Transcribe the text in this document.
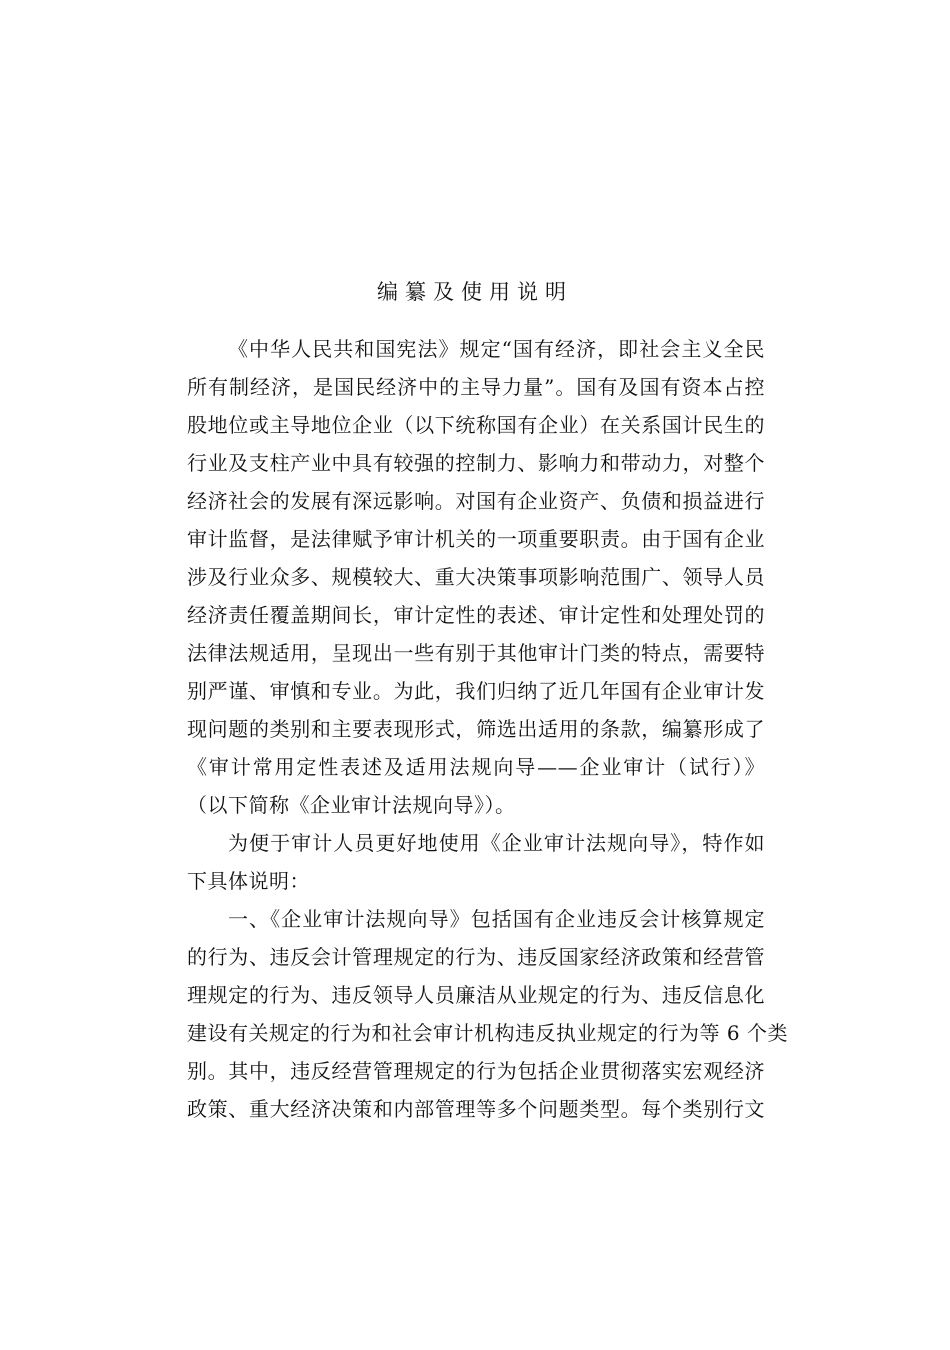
编纂及使用说明
《中华人民共和国宪法》规定“国有经济，即社会主义全民
所有制经济，是国民经济中的主导力量”。国有及国有资本占控
股地位或主导地位企业（以下统称国有企业）在关系国计民生的
行业及支柱产业中具有较强的控制力、影响力和带动力，对整个
经济社会的发展有深远影响。对国有企业资产、负债和损益进行
审计监督，是法律赋予审计机关的一项重要职责。由于国有企业
涉及行业众多、规模较大、重大决策事项影响范围广、领导人员
经济责任覆盖期间长，审计定性的表述、审计定性和处理处罚的
法律法规适用，呈现出一些有别于其他审计门类的特点，需要特
别严谨、审慎和专业。为此，我们归纳了近几年国有企业审计发
现问题的类别和主要表现形式，筛选出适用的条款，编纂形成了
《审计常用定性表述及适用法规向导——企业审计（试行）》
（以下简称《企业审计法规向导》）。
为便于审计人员更好地使用《企业审计法规向导》，特作如
下具体说明：
一、《企业审计法规向导》包括国有企业违反会计核算规定
的行为、违反会计管理规定的行为、违反国家经济政策和经营管
理规定的行为、违反领导人员廉洁从业规定的行为、违反信息化
建设有关规定的行为和社会审计机构违反执业规定的行为等 6 个类
别。其中，违反经营管理规定的行为包括企业贯彻落实宏观经济
政策、重大经济决策和内部管理等多个问题类型。每个类别行文
